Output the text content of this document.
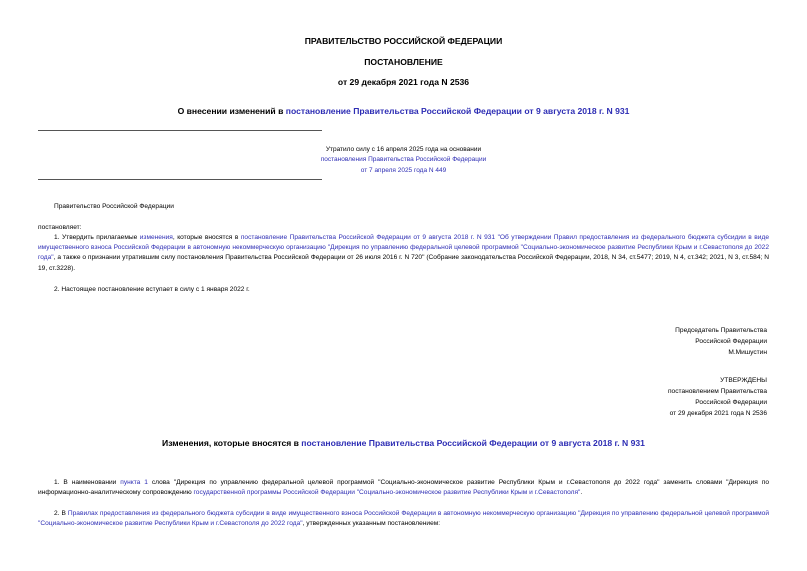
ПРАВИТЕЛЬСТВО РОССИЙСКОЙ ФЕДЕРАЦИИ
ПОСТАНОВЛЕНИЕ
от 29 декабря 2021 года N 2536
О внесении изменений в постановление Правительства Российской Федерации от 9 августа 2018 г. N 931
Утратило силу с 16 апреля 2025 года на основании
постановления Правительства Российской Федерации
от 7 апреля 2025 года N 449
Правительство Российской Федерации
постановляет:
1. Утвердить прилагаемые изменения, которые вносятся в постановление Правительства Российской Федерации от 9 августа 2018 г. N 931 "Об утверждении Правил предоставления из федерального бюджета субсидии в виде имущественного взноса Российской Федерации в автономную некоммерческую организацию "Дирекция по управлению федеральной целевой программой "Социально-экономическое развитие Республики Крым и г.Севастополя до 2022 года", а также о признании утратившим силу постановления Правительства Российской Федерации от 26 июля 2016 г. N 720" (Собрание законодательства Российской Федерации, 2018, N 34, ст.5477; 2019, N 4, ст.342; 2021, N 3, ст.584; N 19, ст.3228).
2. Настоящее постановление вступает в силу с 1 января 2022 г.
Председатель Правительства
Российской Федерации
М.Мишустин
УТВЕРЖДЕНЫ
постановлением Правительства
Российской Федерации
от 29 декабря 2021 года N 2536
Изменения, которые вносятся в постановление Правительства Российской Федерации от 9 августа 2018 г. N 931
1. В наименовании пункта 1 слова "Дирекция по управлению федеральной целевой программой "Социально-экономическое развитие Республики Крым и г.Севастополя до 2022 года" заменить словами "Дирекция по информационно-аналитическому сопровождению государственной программы Российской Федерации "Социально-экономическое развитие Республики Крым и г.Севастополя".
2. В Правилах предоставления из федерального бюджета субсидии в виде имущественного взноса Российской Федерации в автономную некоммерческую организацию "Дирекция по управлению федеральной целевой программой "Социально-экономическое развитие Республики Крым и г.Севастополя до 2022 года", утвержденных указанным постановлением:
